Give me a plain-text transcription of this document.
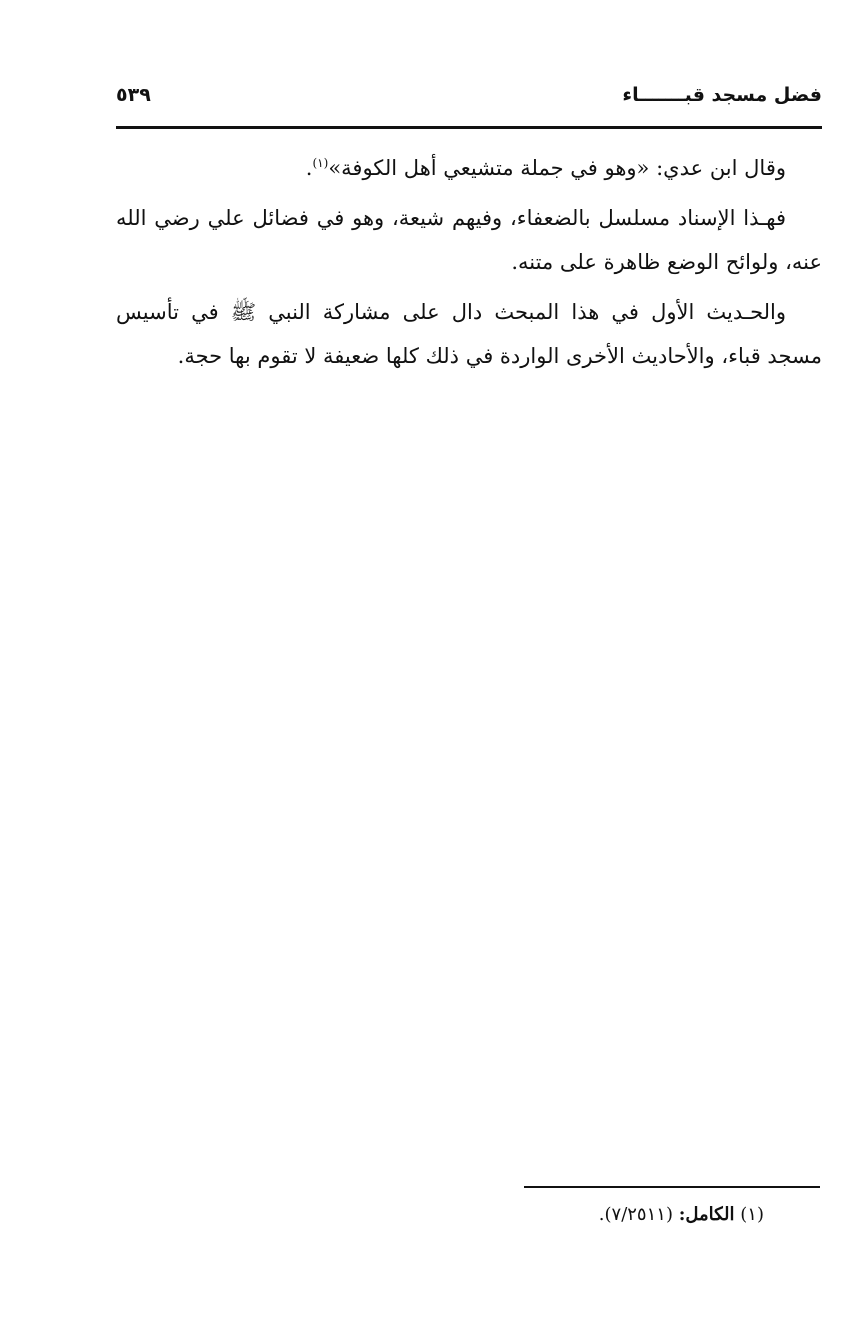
فضل مسجد قبـــــــاء
٥٣٩

وقال ابن عدي: «وهو في جملة متشيعي أهل الكوفة»$^{(١)}$.

فهـذا الإسناد مسلسل بالضعفاء، وفيهم شيعة، وهو في فضائل علي رضي الله عنه، ولوائح الوضع ظاهرة على متنه.

والحـديث الأول في هذا المبحث دال على مشاركة النبي ﷺ في تأسيس مسجد قباء، والأحاديث الأخرى الواردة في ذلك كلها ضعيفة لا تقوم بها حجة.

(١) الكامل: (٧/٢٥١١).
